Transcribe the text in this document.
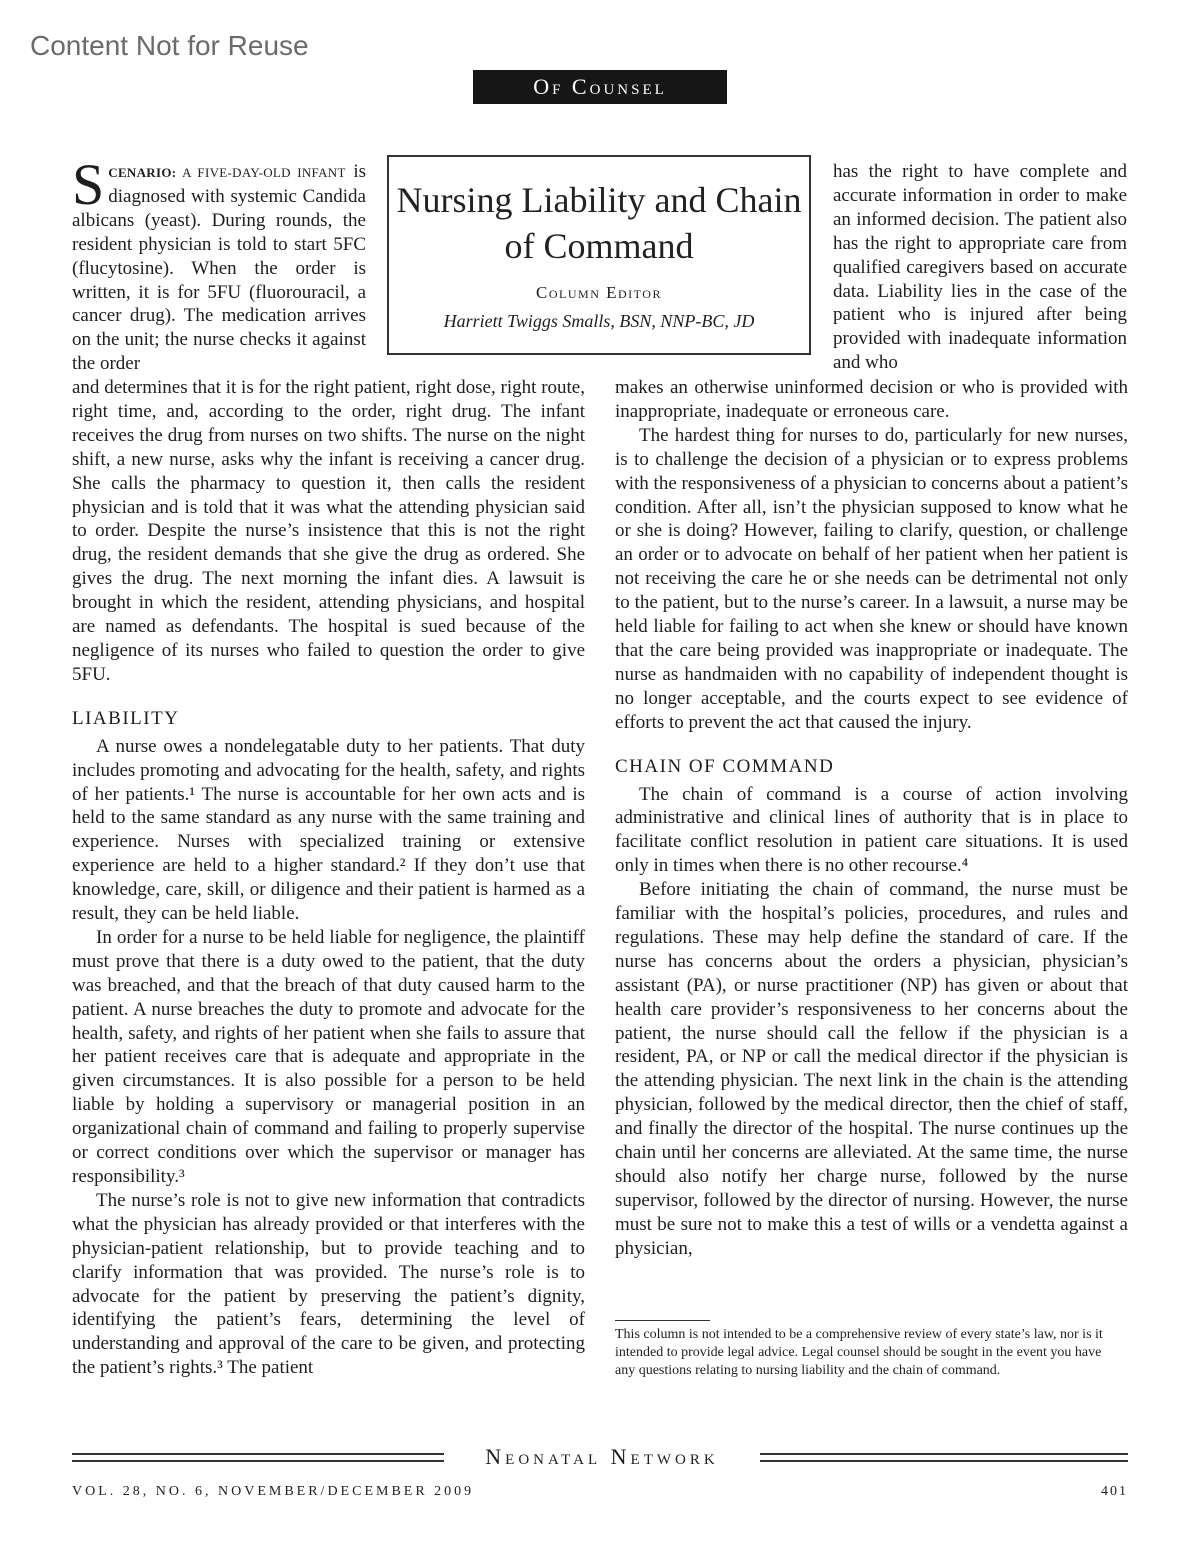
Content Not for Reuse
Of Counsel
Nursing Liability and Chain of Command
Column Editor
Harriett Twiggs Smalls, BSN, NNP-BC, JD

S CENARIO: A FIVE-DAY-OLD INFANT is diagnosed with systemic Candida albicans (yeast). During rounds, the resident physician is told to start 5FC (flucytosine). When the order is written, it is for 5FU (fluorouracil, a cancer drug). The medication arrives on the unit; the nurse checks it against the order

and determines that it is for the right patient, right dose, right route, right time, and, according to the order, right drug. The infant receives the drug from nurses on two shifts. The nurse on the night shift, a new nurse, asks why the infant is receiving a cancer drug. She calls the pharmacy to question it, then calls the resident physician and is told that it was what the attending physician said to order. Despite the nurse’s insistence that this is not the right drug, the resident demands that she give the drug as ordered. She gives the drug. The next morning the infant dies. A lawsuit is brought in which the resident, attending physicians, and hospital are named as defendants. The hospital is sued because of the negligence of its nurses who failed to question the order to give 5FU.

LIABILITY

A nurse owes a nondelegatable duty to her patients. That duty includes promoting and advocating for the health, safety, and rights of her patients.¹ The nurse is accountable for her own acts and is held to the same standard as any nurse with the same training and experience. Nurses with specialized training or extensive experience are held to a higher standard.² If they don’t use that knowledge, care, skill, or diligence and their patient is harmed as a result, they can be held liable.

In order for a nurse to be held liable for negligence, the plaintiff must prove that there is a duty owed to the patient, that the duty was breached, and that the breach of that duty caused harm to the patient. A nurse breaches the duty to promote and advocate for the health, safety, and rights of her patient when she fails to assure that her patient receives care that is adequate and appropriate in the given circumstances. It is also possible for a person to be held liable by holding a supervisory or managerial position in an organizational chain of command and failing to properly supervise or correct conditions over which the supervisor or manager has responsibility.³

The nurse’s role is not to give new information that contradicts what the physician has already provided or that interferes with the physician-patient relationship, but to provide teaching and to clarify information that was provided. The nurse’s role is to advocate for the patient by preserving the patient’s dignity, identifying the patient’s fears, determining the level of understanding and approval of the care to be given, and protecting the patient’s rights.³ The patient

has the right to have complete and accurate information in order to make an informed decision. The patient also has the right to appropriate care from qualified caregivers based on accurate data. Liability lies in the case of the patient who is injured after being provided with inadequate information and who

makes an otherwise uninformed decision or who is provided with inappropriate, inadequate or erroneous care.

The hardest thing for nurses to do, particularly for new nurses, is to challenge the decision of a physician or to express problems with the responsiveness of a physician to concerns about a patient’s condition. After all, isn’t the physician supposed to know what he or she is doing? However, failing to clarify, question, or challenge an order or to advocate on behalf of her patient when her patient is not receiving the care he or she needs can be detrimental not only to the patient, but to the nurse’s career. In a lawsuit, a nurse may be held liable for failing to act when she knew or should have known that the care being provided was inappropriate or inadequate. The nurse as handmaiden with no capability of independent thought is no longer acceptable, and the courts expect to see evidence of efforts to prevent the act that caused the injury.

CHAIN OF COMMAND

The chain of command is a course of action involving administrative and clinical lines of authority that is in place to facilitate conflict resolution in patient care situations. It is used only in times when there is no other recourse.⁴

Before initiating the chain of command, the nurse must be familiar with the hospital’s policies, procedures, and rules and regulations. These may help define the standard of care. If the nurse has concerns about the orders a physician, physician’s assistant (PA), or nurse practitioner (NP) has given or about that health care provider’s responsiveness to her concerns about the patient, the nurse should call the fellow if the physician is a resident, PA, or NP or call the medical director if the physician is the attending physician. The next link in the chain is the attending physician, followed by the medical director, then the chief of staff, and finally the director of the hospital. The nurse continues up the chain until her concerns are alleviated. At the same time, the nurse should also notify her charge nurse, followed by the nurse supervisor, followed by the director of nursing. However, the nurse must be sure not to make this a test of wills or a vendetta against a physician,

This column is not intended to be a comprehensive review of every state’s law, nor is it intended to provide legal advice. Legal counsel should be sought in the event you have any questions relating to nursing liability and the chain of command.
Neonatal Network
VOL. 28, NO. 6, NOVEMBER/DECEMBER 2009	401
